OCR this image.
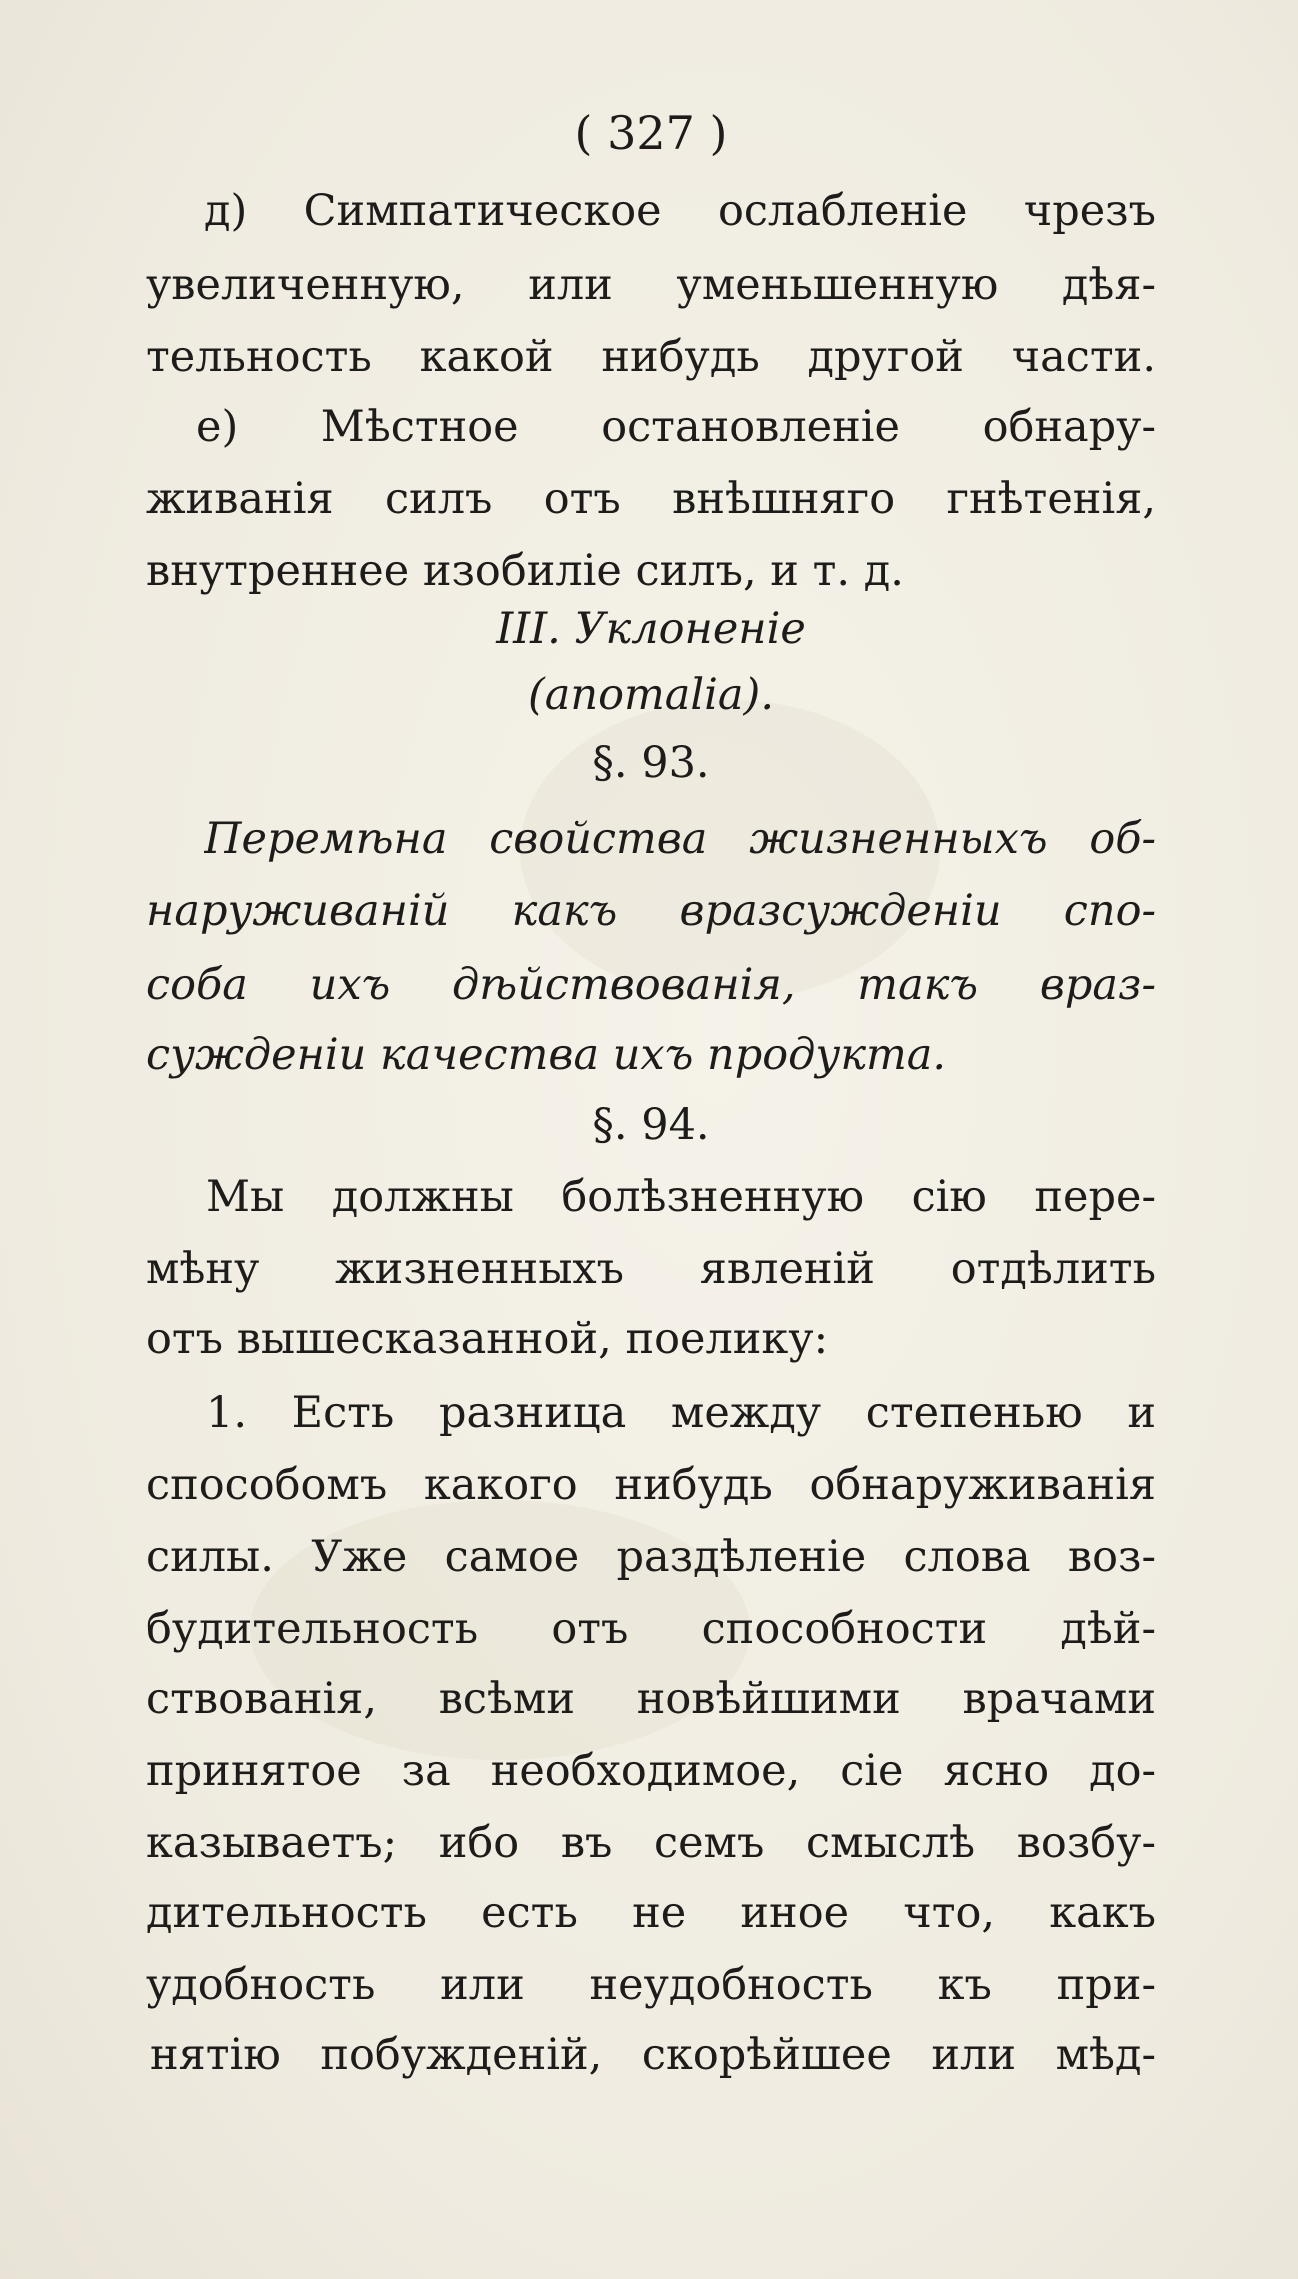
( 327 )
д) Симпатическое ослабленіе чрезъ
увеличенную, или уменьшенную дѣя-
тельность какой нибудь другой части.
е) Мѣстное остановленіе обнару-
живанія силъ отъ внѣшняго гнѣтенія,
внутреннее изобиліе силъ, и т. д.
III. Уклоненіе
(anomalia).
§. 93.
Перемѣна свойства жизненныхъ об-
наруживаній какъ вразсужденіи спо-
соба ихъ дѣйствованія, такъ враз-
сужденіи качества ихъ продукта.
§. 94.
Мы должны болѣзненную сію пере-
мѣну жизненныхъ явленій отдѣлить
отъ вышесказанной, поелику:
1. Есть разница между степенью и
способомъ какого нибудь обнаруживанія
силы. Уже самое раздѣленіе слова воз-
будительность отъ способности дѣй-
ствованія, всѣми новѣйшими врачами
принятое за необходимое, сіе ясно до-
казываетъ; ибо въ семъ смыслѣ возбу-
дительность есть не иное что, какъ
удобность или неудобность къ при-
нятію побужденій, скорѣйшее или мѣд-
